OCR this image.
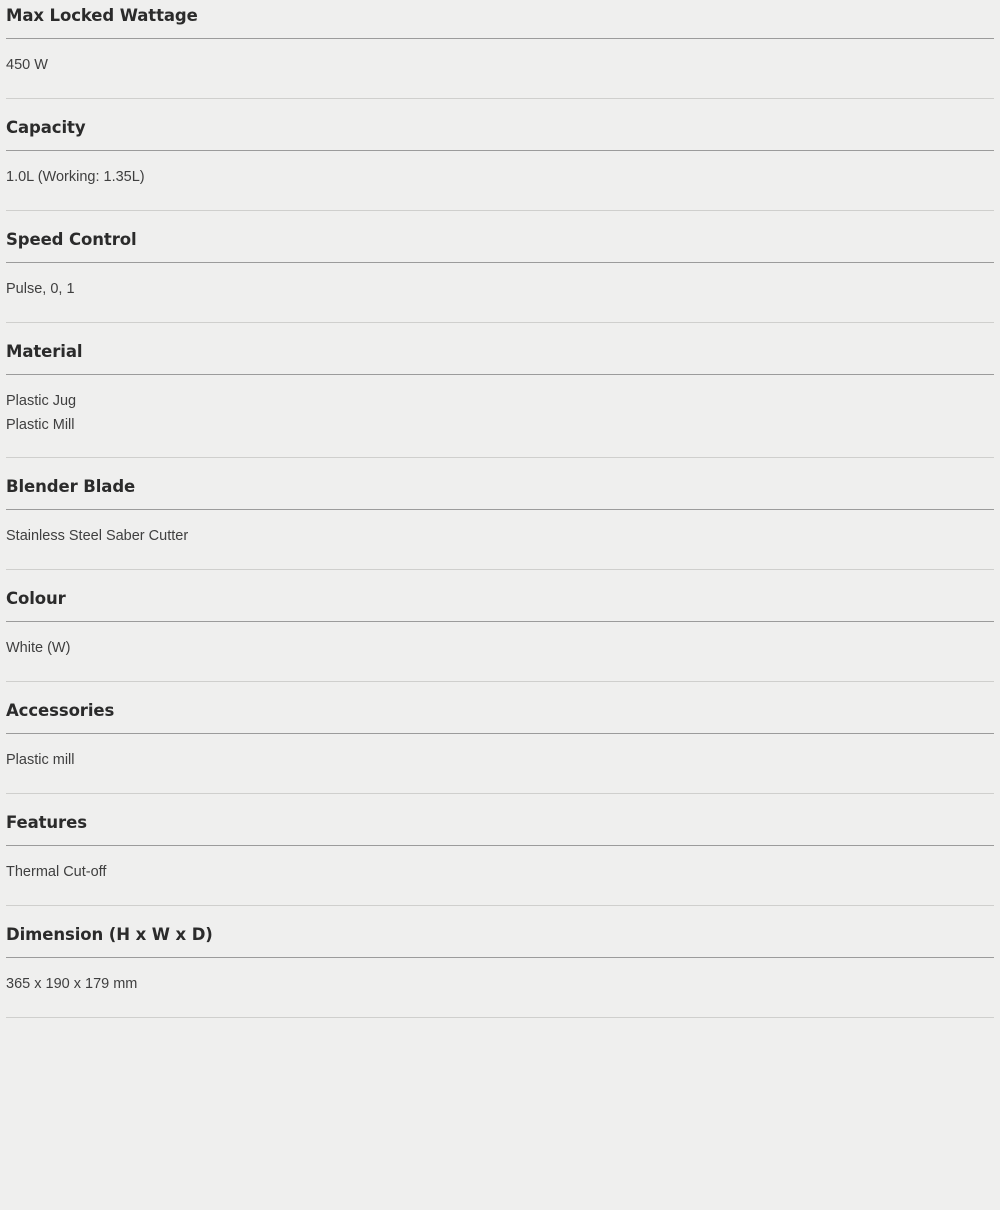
Max Locked Wattage
450 W
Capacity
1.0L (Working: 1.35L)
Speed Control
Pulse, 0, 1
Material
Plastic Jug
Plastic Mill
Blender Blade
Stainless Steel Saber Cutter
Colour
White (W)
Accessories
Plastic mill
Features
Thermal Cut-off
Dimension (H x W x D)
365 x 190 x 179 mm
